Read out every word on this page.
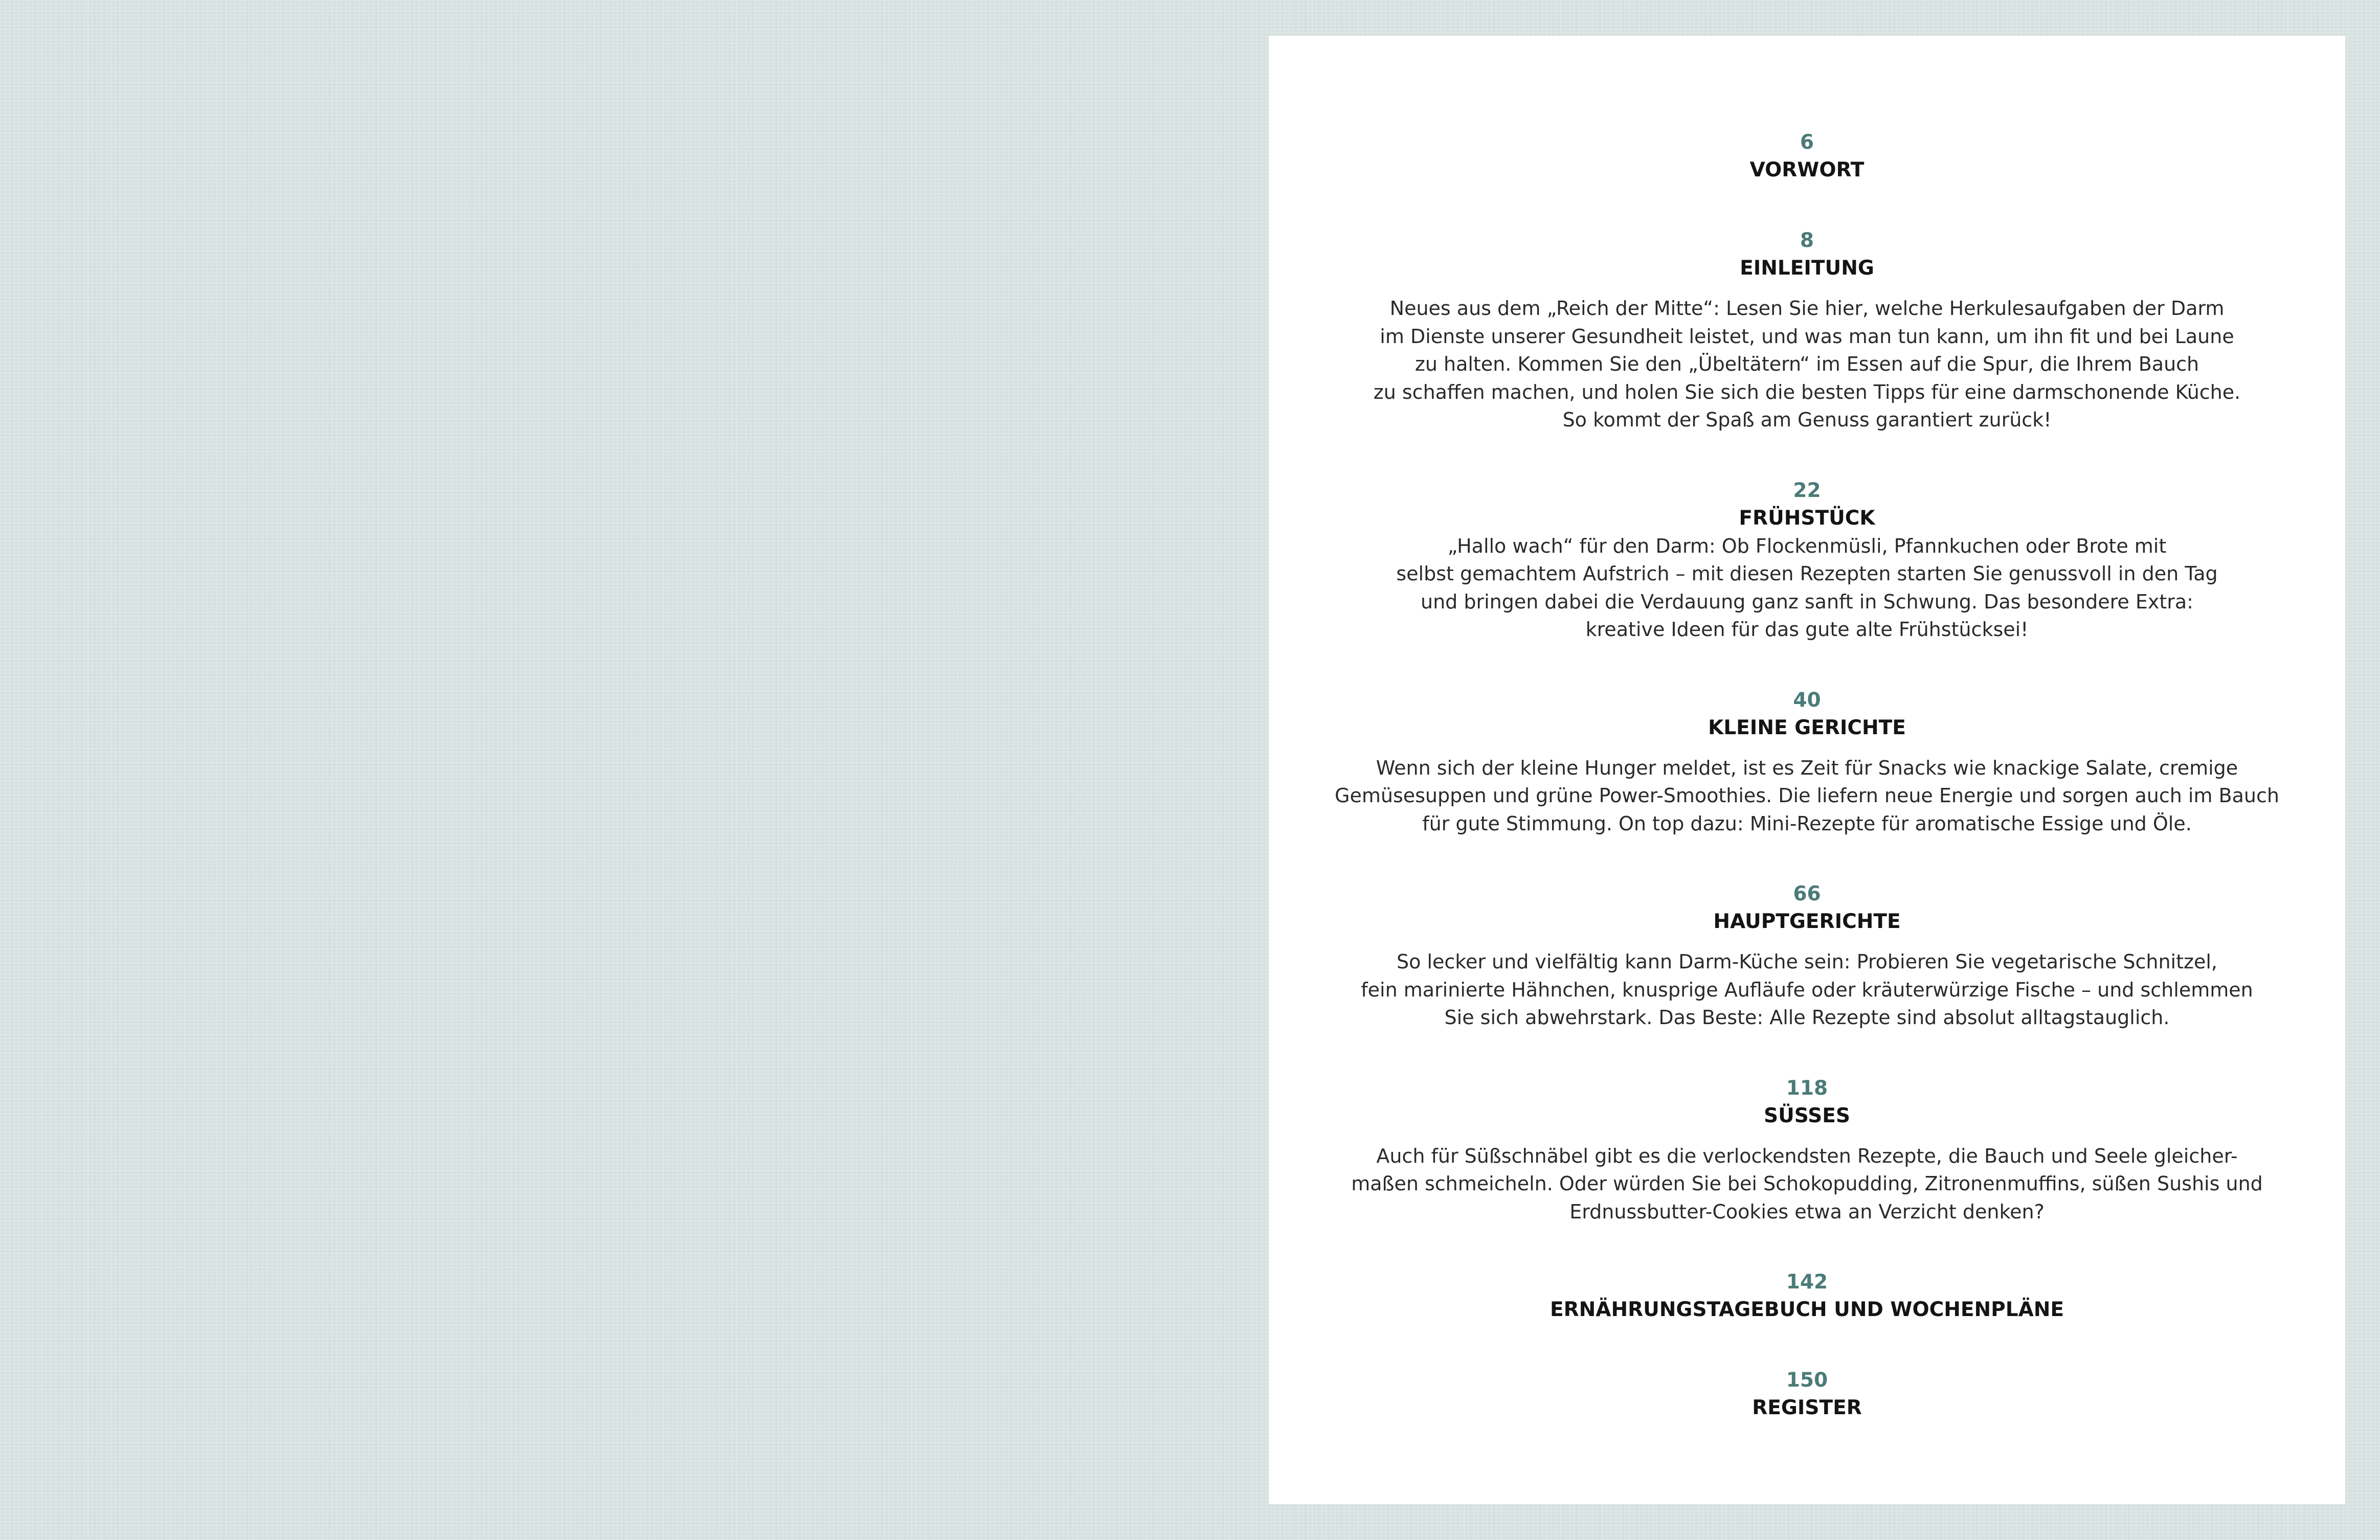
6
VORWORT
8
EINLEITUNG
Neues aus dem „Reich der Mitte“: Lesen Sie hier, welche Herkulesaufgaben der Darm
im Dienste unserer Gesundheit leistet, und was man tun kann, um ihn fit und bei Laune
zu halten. Kommen Sie den „Übeltätern“ im Essen auf die Spur, die Ihrem Bauch
zu schaffen machen, und holen Sie sich die besten Tipps für eine darmschonende Küche.
So kommt der Spaß am Genuss garantiert zurück!
22
FRÜHSTÜCK
„Hallo wach“ für den Darm: Ob Flockenmüsli, Pfannkuchen oder Brote mit
selbst gemachtem Aufstrich – mit diesen Rezepten starten Sie genussvoll in den Tag
und bringen dabei die Verdauung ganz sanft in Schwung. Das besondere Extra:
kreative Ideen für das gute alte Frühstücksei!
40
KLEINE GERICHTE
Wenn sich der kleine Hunger meldet, ist es Zeit für Snacks wie knackige Salate, cremige
Gemüsesuppen und grüne Power-Smoothies. Die liefern neue Energie und sorgen auch im Bauch
für gute Stimmung. On top dazu: Mini-Rezepte für aromatische Essige und Öle.
66
HAUPTGERICHTE
So lecker und vielfältig kann Darm-Küche sein: Probieren Sie vegetarische Schnitzel,
fein marinierte Hähnchen, knusprige Aufläufe oder kräuterwürzige Fische – und schlemmen
Sie sich abwehrstark. Das Beste: Alle Rezepte sind absolut alltagstauglich.
118
SÜSSES
Auch für Süßschnäbel gibt es die verlockendsten Rezepte, die Bauch und Seele gleicher-
maßen schmeicheln. Oder würden Sie bei Schokopudding, Zitronenmuffins, süßen Sushis und
Erdnussbutter-Cookies etwa an Verzicht denken?
142
ERNÄHRUNGSTAGEBUCH UND WOCHENPLÄNE
150
REGISTER
